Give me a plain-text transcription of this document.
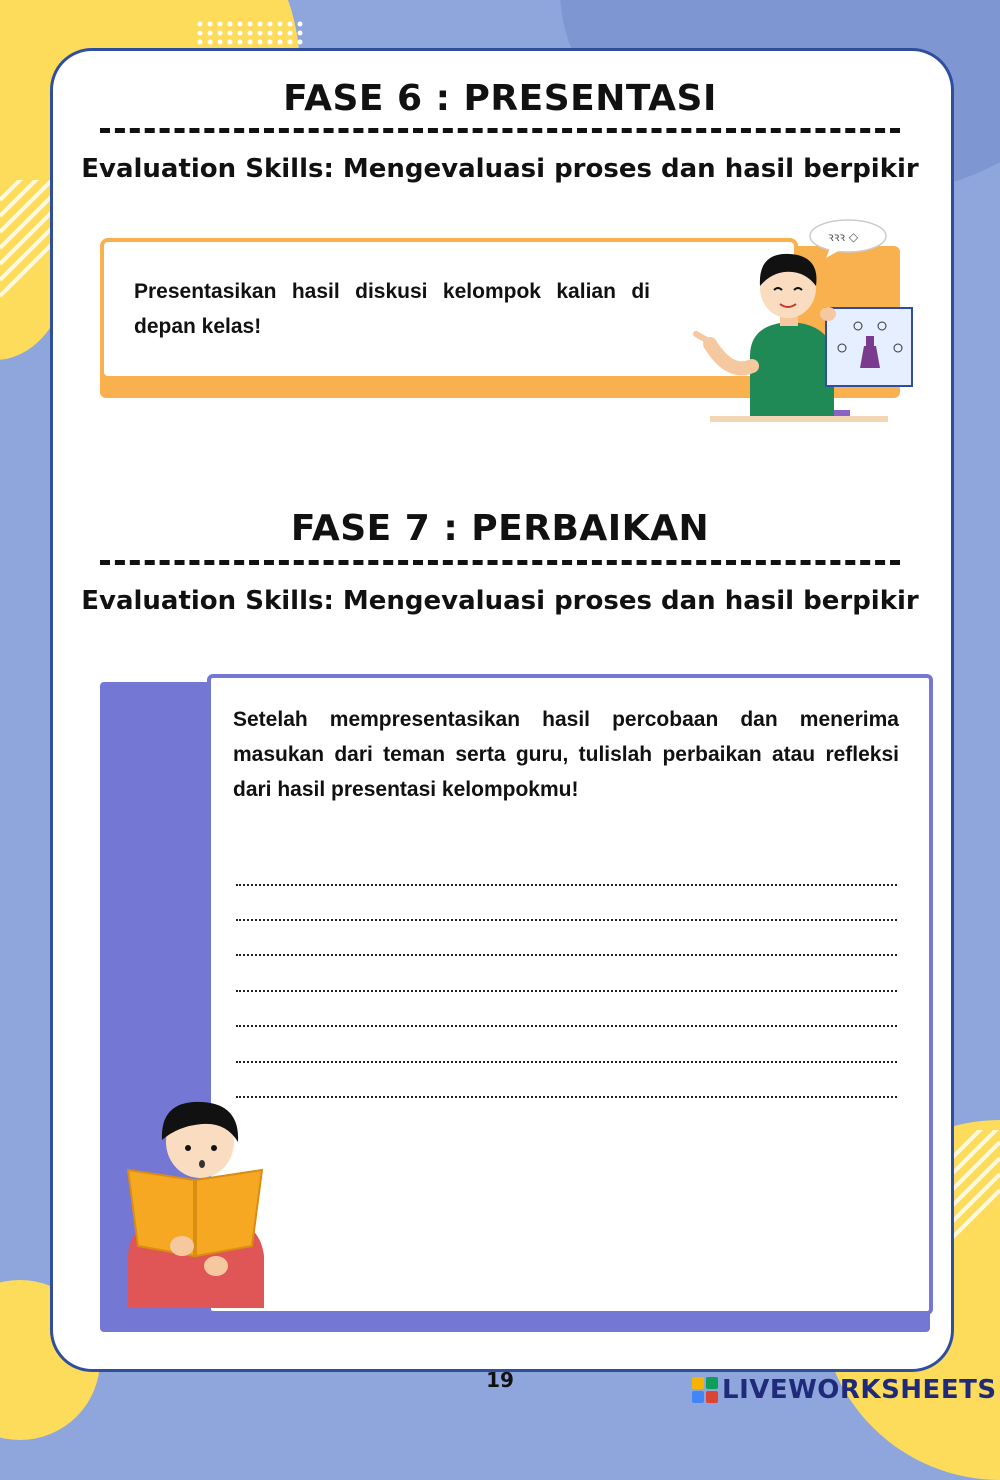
FASE 6 : PRESENTASI
Evaluation Skills: Mengevaluasi proses dan hasil berpikir
Presentasikan hasil diskusi kelompok kalian di depan kelas!
ꝛꝛꝛ ◇
FASE 7 : PERBAIKAN
Evaluation Skills: Mengevaluasi proses dan hasil berpikir
Setelah mempresentasikan hasil percobaan dan menerima masukan dari teman serta guru, tulislah perbaikan atau refleksi dari hasil presentasi kelompokmu!
19	LIVEWORKSHEETS
